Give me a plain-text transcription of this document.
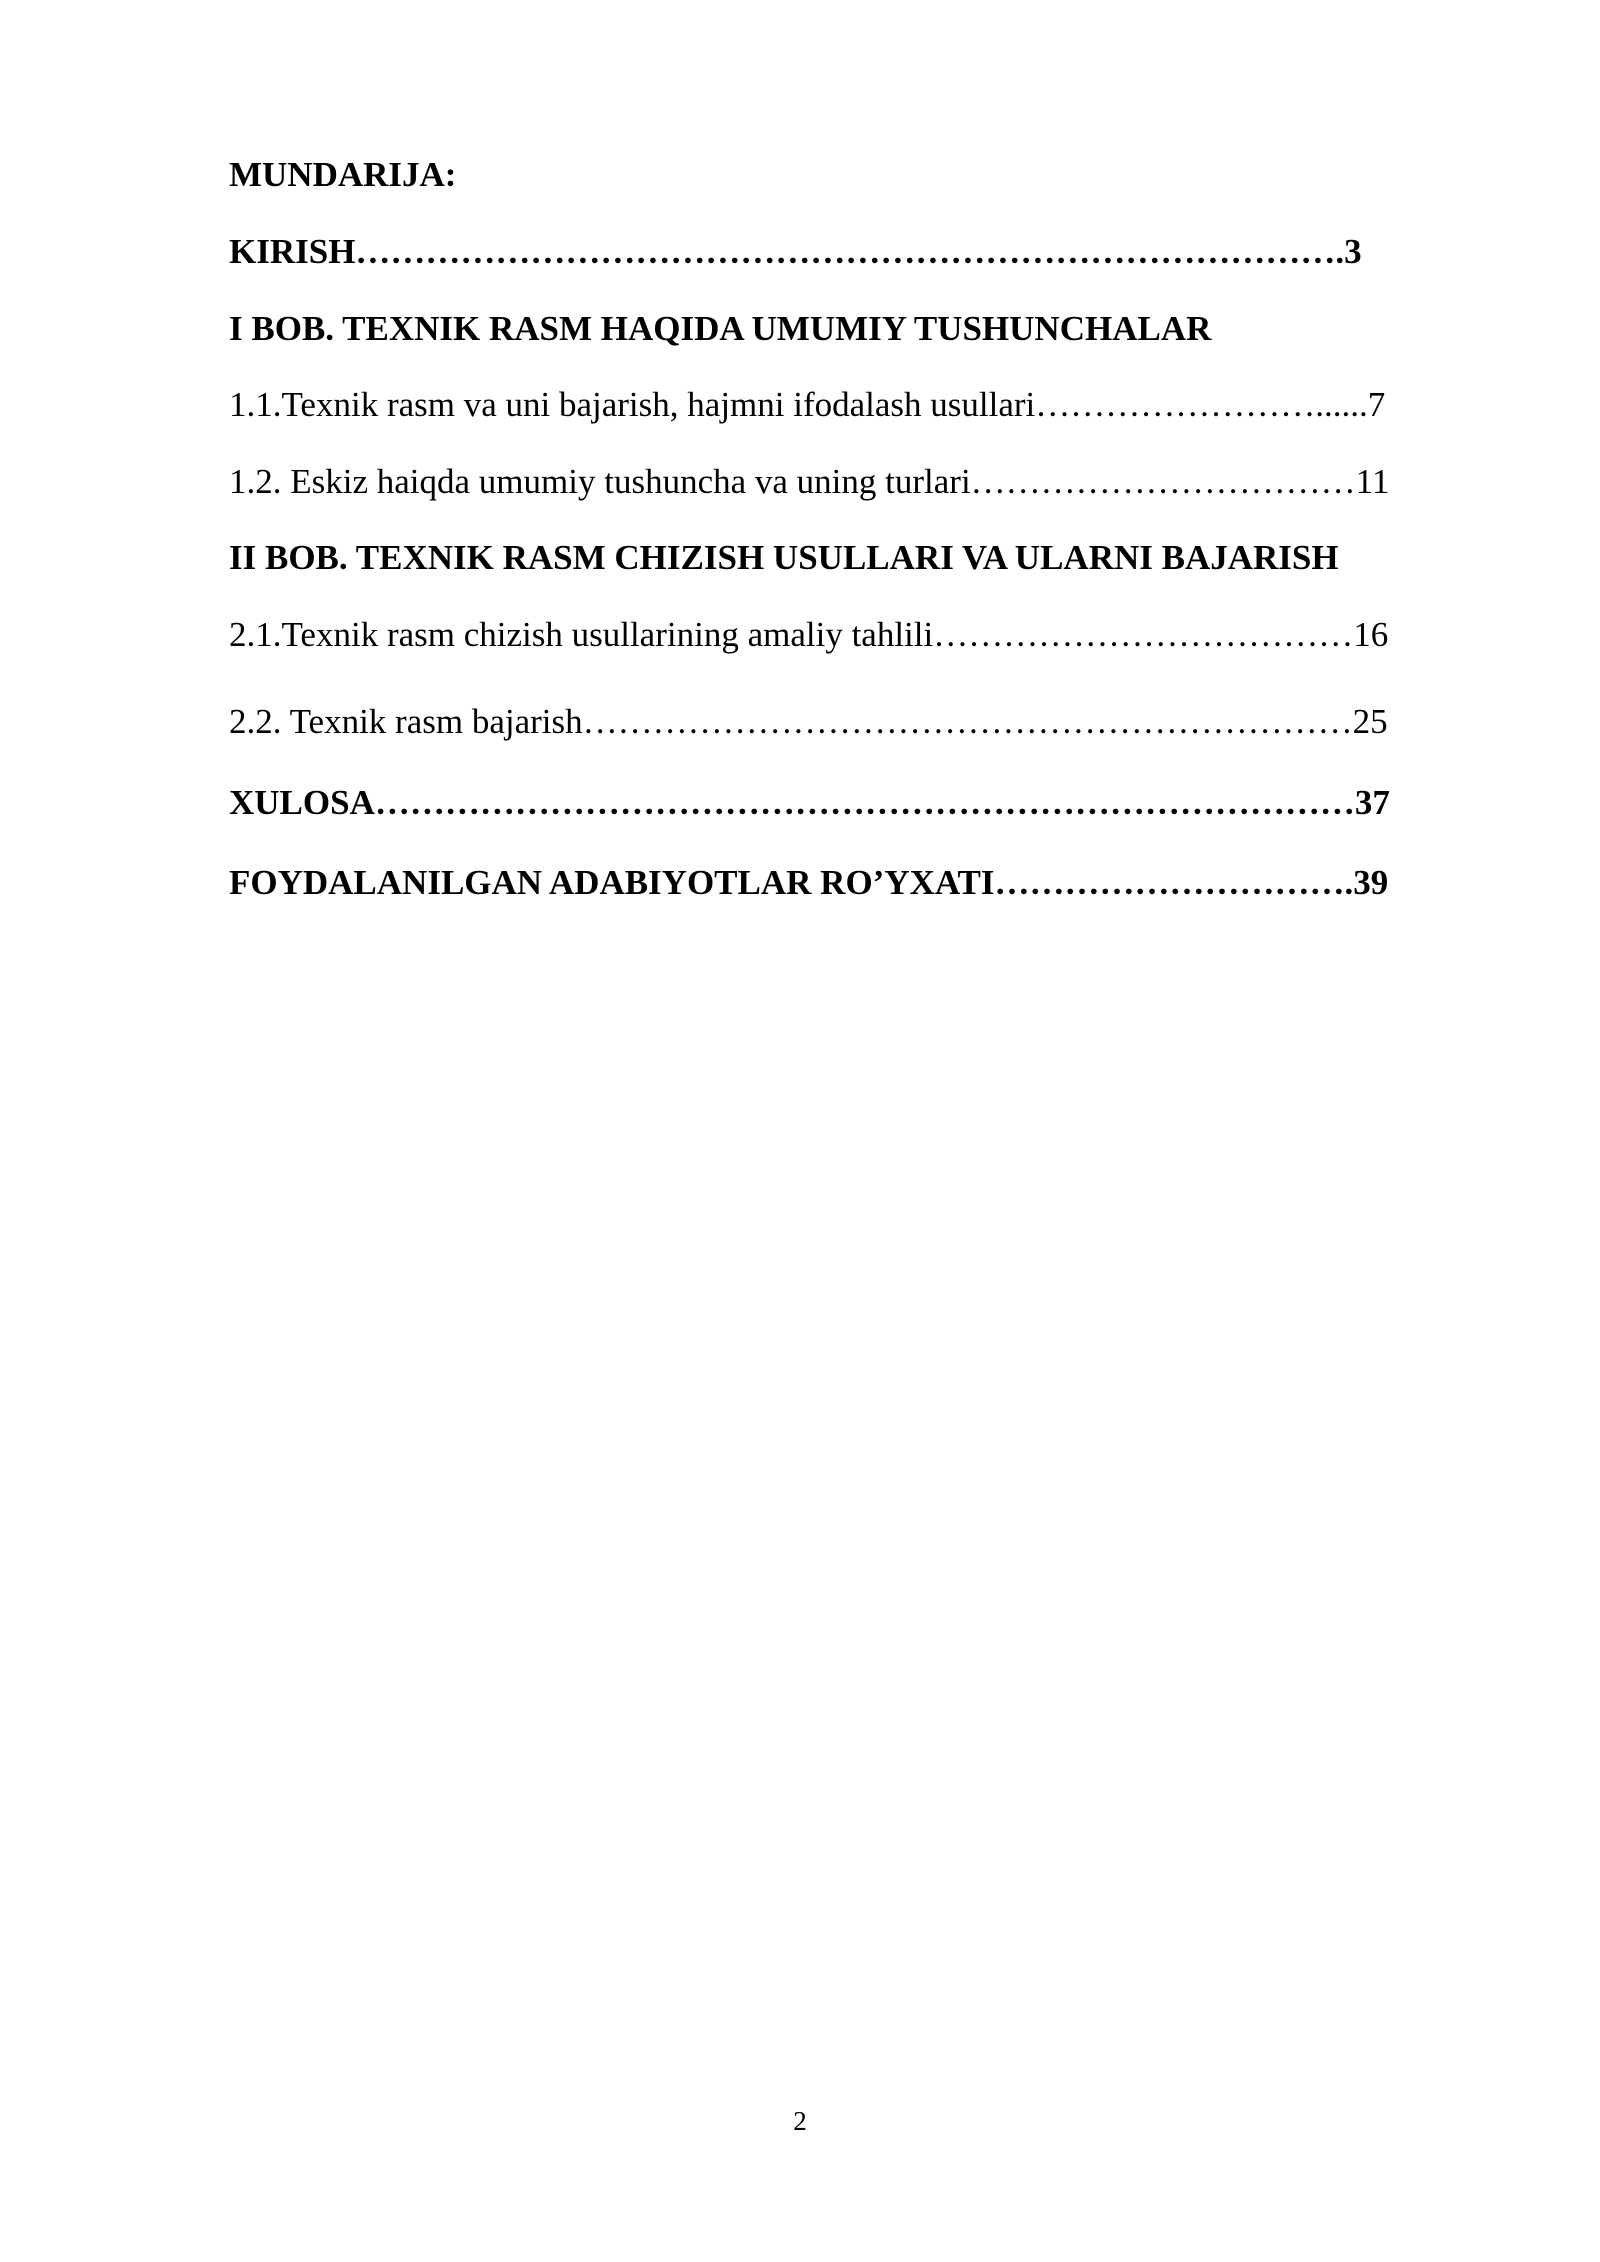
MUNDARIJA:
KIRISH………………………………………………………………………….3
I BOB. TEXNIK RASM HAQIDA UMUMIY TUSHUNCHALAR
1.1.Texnik rasm va uni bajarish, hajmni ifodalash usullari……………………......7
1.2. Eskiz haiqda umumiy tushuncha va uning turlari……………………………11
II BOB. TEXNIK RASM CHIZISH USULLARI VA ULARNI BAJARISH
2.1.Texnik rasm chizish usullarining amaliy tahlili………………………………16
2.2. Texnik rasm bajarish…………………………………………………………25
XULOSA…………………………………………………………………………37
FOYDALANILGAN ADABIYOTLAR RO’YXATI………………………….39
2
